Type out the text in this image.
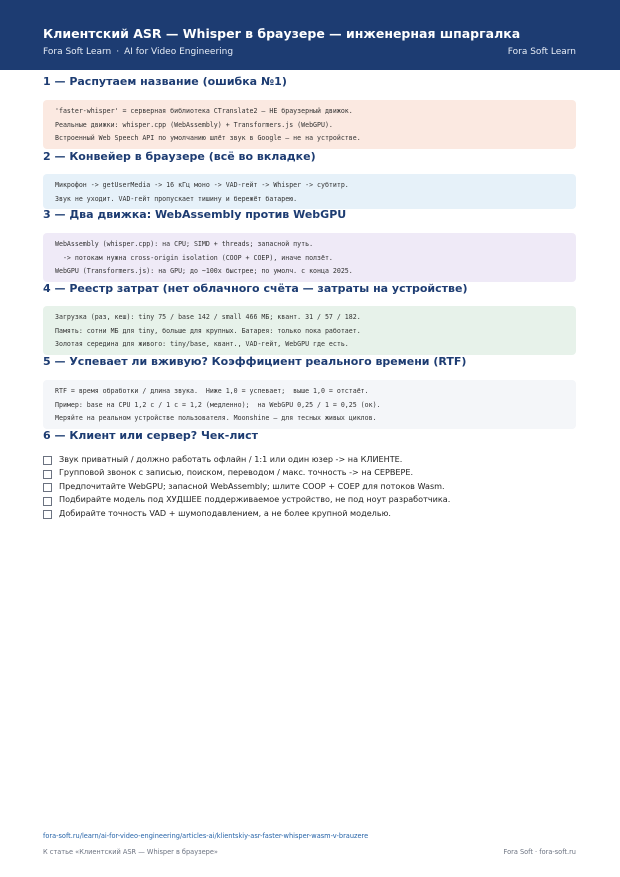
Клиентский ASR — Whisper в браузере — инженерная шпаргалка
Fora Soft Learn · AI for Video Engineering	Fora Soft Learn
1 — Распутаем название (ошибка №1)
'faster-whisper' = серверная библиотека CTranslate2 — НЕ браузерный движок.
Реальные движки: whisper.cpp (WebAssembly) + Transformers.js (WebGPU).
Встроенный Web Speech API по умолчанию шлёт звук в Google — не на устройстве.
2 — Конвейер в браузере (всё во вкладке)
Микрофон -> getUserMedia -> 16 кГц моно -> VAD-гейт -> Whisper -> субтитр.
Звук не уходит. VAD-гейт пропускает тишину и бережёт батарею.
3 — Два движка: WebAssembly против WebGPU
WebAssembly (whisper.cpp): на CPU; SIMD + threads; запасной путь.
-> потокам нужна cross-origin isolation (COOP + COEP), иначе ползёт.
WebGPU (Transformers.js): на GPU; до ~100x быстрее; по умолч. с конца 2025.
4 — Реестр затрат (нет облачного счёта — затраты на устройстве)
Загрузка (раз, кеш): tiny 75 / base 142 / small 466 МБ; квант. 31 / 57 / 182.
Память: сотни МБ для tiny, больше для крупных. Батарея: только пока работает.
Золотая середина для живого: tiny/base, квант., VAD-гейт, WebGPU где есть.
5 — Успевает ли вживую? Коэффициент реального времени (RTF)
RTF = время обработки / длина звука.  Ниже 1,0 = успевает;  выше 1,0 = отстаёт.
Пример: base на CPU 1,2 с / 1 с = 1,2 (медленно);  на WebGPU 0,25 / 1 = 0,25 (ок).
Меряйте на реальном устройстве пользователя. Moonshine — для тесных живых циклов.
6 — Клиент или сервер? Чек-лист
Звук приватный / должно работать офлайн / 1:1 или один юзер -> на КЛИЕНТЕ.
Групповой звонок с записью, поиском, переводом / макс. точность -> на СЕРВЕРЕ.
Предпочитайте WebGPU; запасной WebAssembly; шлите COOP + COEP для потоков Wasm.
Подбирайте модель под ХУДШЕЕ поддерживаемое устройство, не под ноут разработчика.
Добирайте точность VAD + шумоподавлением, а не более крупной моделью.
fora-soft.ru/learn/ai-for-video-engineering/articles-ai/klientskiy-asr-faster-whisper-wasm-v-brauzere
К статье «Клиентский ASR — Whisper в браузере»	Fora Soft · fora-soft.ru
